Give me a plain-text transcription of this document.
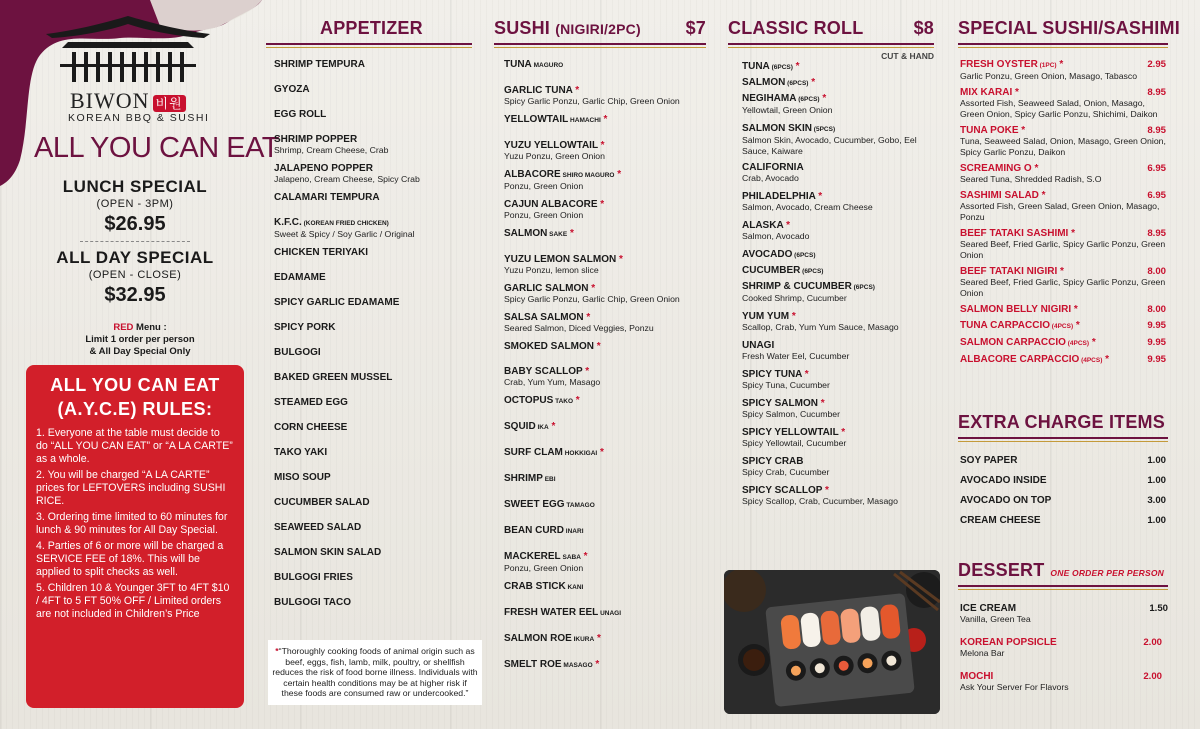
BIWON 비원
KOREAN BBQ & SUSHI
ALL YOU CAN EAT
LUNCH SPECIAL
(OPEN - 3PM)
$26.95
ALL DAY SPECIAL
(OPEN - CLOSE)
$32.95
RED Menu :
Limit 1 order per person
& All Day Special Only
ALL YOU CAN EAT
(A.Y.C.E) RULES:
1. Everyone at the table must decide to do “ALL YOU CAN EAT” or “A LA CARTE” as a whole.
2. You will be charged “A LA CARTE” prices for LEFTOVERS including SUSHI RICE.
3. Ordering time limited to 60 minutes for lunch & 90 minutes for All Day Special.
4. Parties of 6 or more will be charged a SERVICE FEE of 18%. This will be applied to split checks as well.
5. Children 10 & Younger 3FT to 4FT $10 / 4FT to 5 FT 50% OFF / Limited orders are not included in Children’s Price
APPETIZER
SHRIMP TEMPURA
GYOZA
EGG ROLL
SHRIMP POPPER
Shrimp, Cream Cheese, Crab
JALAPENO POPPER
Jalapeno, Cream Cheese, Spicy Crab
CALAMARI TEMPURA
K.F.C. (KOREAN FRIED CHICKEN)
Sweet & Spicy / Soy Garlic / Original
CHICKEN TERIYAKI
EDAMAME
SPICY GARLIC EDAMAME
SPICY PORK
BULGOGI
BAKED GREEN MUSSEL
STEAMED EGG
CORN CHEESE
TAKO YAKI
MISO SOUP
CUCUMBER SALAD
SEAWEED SALAD
SALMON SKIN SALAD
BULGOGI FRIES
BULGOGI TACO
*“Thoroughly cooking foods of animal origin such as beef, eggs, fish, lamb, milk, poultry, or shellfish reduces the risk of food borne illness. Individuals with certain health conditions may be at higher risk if these foods are consumed raw or undercooked.”
SUSHI (NIGIRI/2PC) $7
TUNA MAGURO
GARLIC TUNA *
Spicy Garlic Ponzu, Garlic Chip, Green Onion
YELLOWTAIL HAMACHI *
YUZU YELLOWTAIL *
Yuzu Ponzu, Green Onion
ALBACORE SHIRO MAGURO *
Ponzu, Green Onion
CAJUN ALBACORE *
Ponzu, Green Onion
SALMON SAKE *
YUZU LEMON SALMON *
Yuzu Ponzu, lemon slice
GARLIC SALMON *
Spicy Garlic Ponzu, Garlic Chip, Green Onion
SALSA SALMON *
Seared Salmon, Diced Veggies, Ponzu
SMOKED SALMON *
BABY SCALLOP *
Crab, Yum Yum, Masago
OCTOPUS TAKO *
SQUID IKA *
SURF CLAM HOKKIGAI *
SHRIMP EBI
SWEET EGG TAMAGO
BEAN CURD INARI
MACKEREL SABA *
Ponzu, Green Onion
CRAB STICK KANI
FRESH WATER EEL UNAGI
SALMON ROE IKURA *
SMELT ROE MASAGO *
CLASSIC ROLL	$8
CUT & HAND
TUNA (6PCS) *
SALMON (6PCS) *
NEGIHAMA (6PCS) *
Yellowtail, Green Onion
SALMON SKIN (5PCS)
Salmon Skin, Avocado, Cucumber, Gobo, Eel Sauce, Kaiware
CALIFORNIA
Crab, Avocado
PHILADELPHIA *
Salmon, Avocado, Cream Cheese
ALASKA *
Salmon, Avocado
AVOCADO (6PCS)
CUCUMBER (6PCS)
SHRIMP & CUCUMBER (6PCS)
Cooked Shrimp, Cucumber
YUM YUM *
Scallop, Crab, Yum Yum Sauce, Masago
UNAGI
Fresh Water Eel, Cucumber
SPICY TUNA *
Spicy Tuna, Cucumber
SPICY SALMON *
Spicy Salmon, Cucumber
SPICY YELLOWTAIL *
Spicy Yellowtail, Cucumber
SPICY CRAB
Spicy Crab, Cucumber
SPICY SCALLOP *
Spicy Scallop, Crab, Cucumber, Masago
SPECIAL SUSHI/SASHIMI
FRESH OYSTER (1PC) *	2.95
Garlic Ponzu, Green Onion, Masago, Tabasco
MIX KARAI *	8.95
Assorted Fish, Seaweed Salad, Onion, Masago, Green Onion, Spicy Garlic Ponzu, Shichimi, Daikon
TUNA POKE *	8.95
Tuna, Seaweed Salad, Onion, Masago, Green Onion, Spicy Garlic Ponzu, Daikon
SCREAMING O *	6.95
Seared Tuna, Shredded Radish, S.O
SASHIMI SALAD *	6.95
Assorted Fish, Green Salad, Green Onion, Masago, Ponzu
BEEF TATAKI SASHIMI *	8.95
Seared Beef, Fried Garlic, Spicy Garlic Ponzu, Green Onion
BEEF TATAKI NIGIRI *	8.00
Seared Beef, Fried Garlic, Spicy Garlic Ponzu, Green Onion
SALMON BELLY NIGIRI *	8.00
TUNA CARPACCIO (4PCS) *	9.95
SALMON CARPACCIO (4PCS) *	9.95
ALBACORE CARPACCIO (4PCS) *	9.95
EXTRA CHARGE ITEMS
SOY PAPER	1.00
AVOCADO INSIDE	1.00
AVOCADO ON TOP	3.00
CREAM CHEESE	1.00
DESSERT ONE ORDER PER PERSON
ICE CREAM	1.50
Vanilla, Green Tea
KOREAN POPSICLE	2.00
Melona Bar
MOCHI	2.00
Ask Your Server For Flavors
